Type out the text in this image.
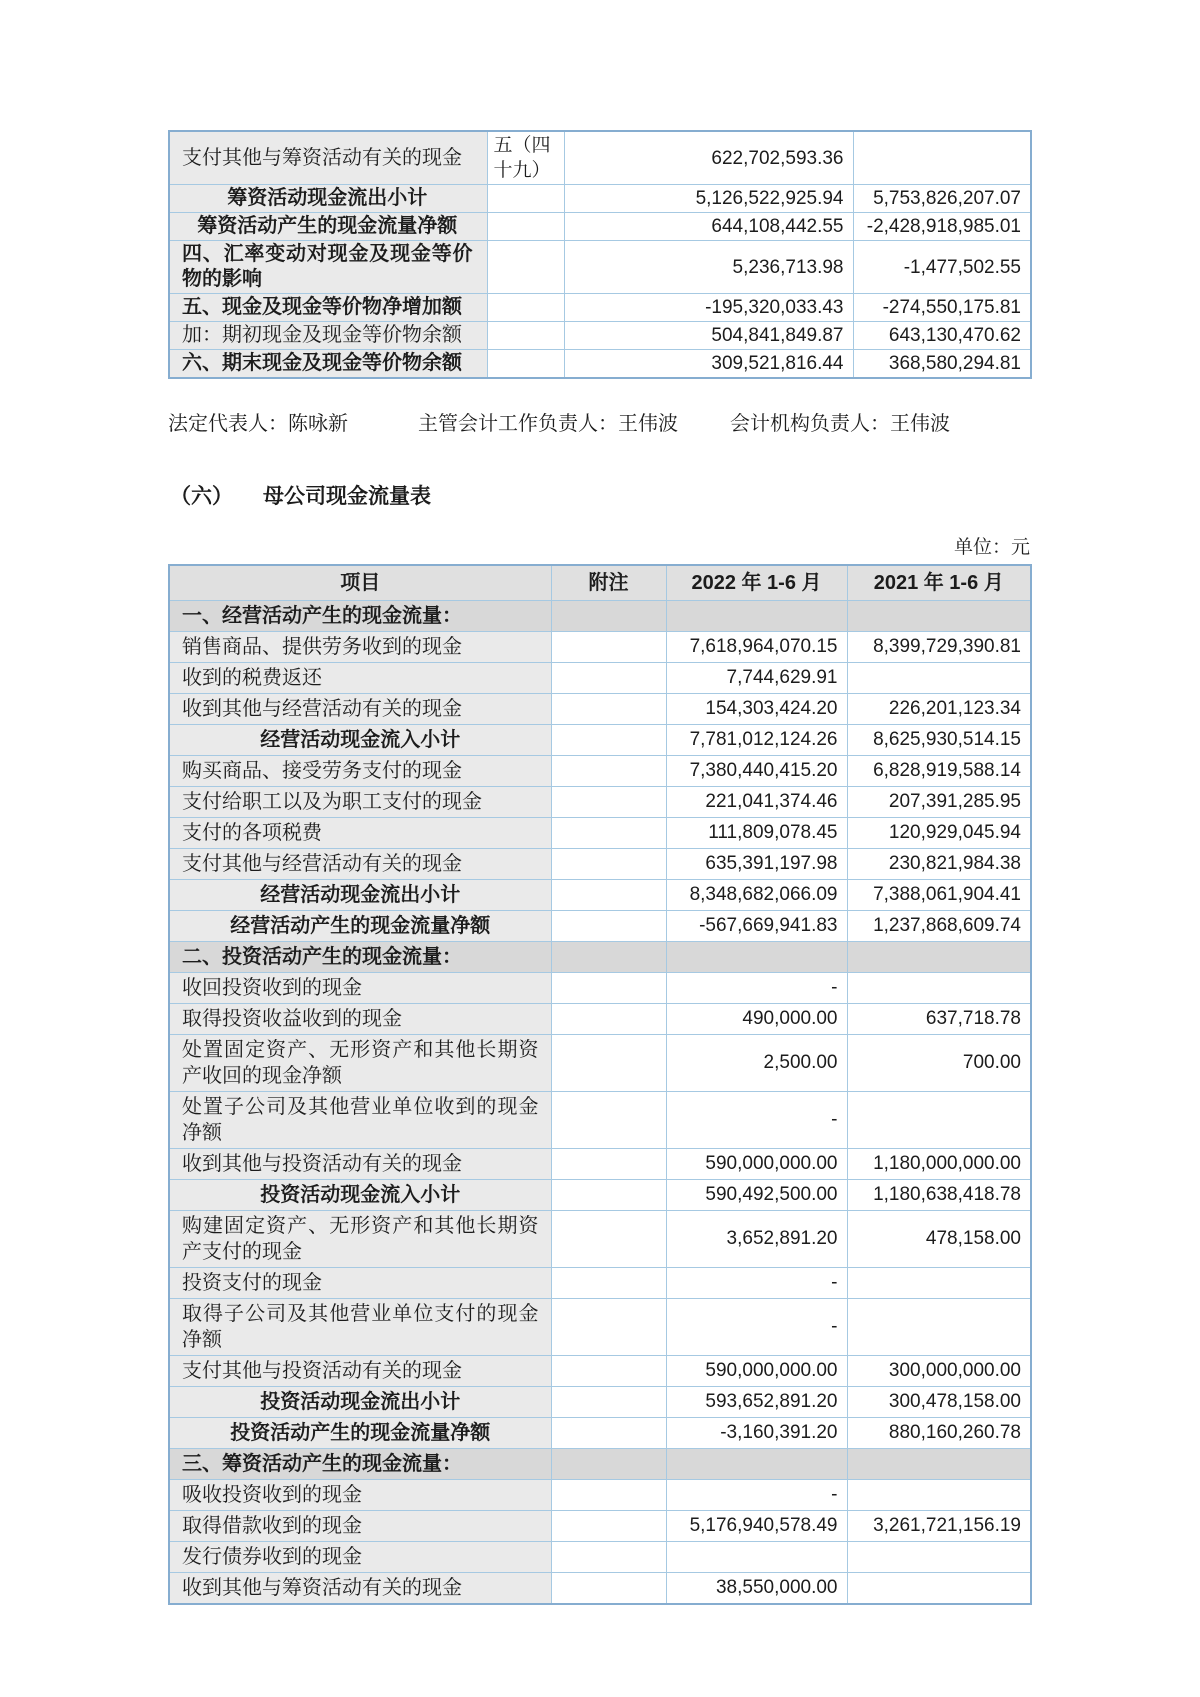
支付其他与筹资活动有关的现金	五（四十九）	622,702,593.36	
筹资活动现金流出小计		5,126,522,925.94	5,753,826,207.07
筹资活动产生的现金流量净额		644,108,442.55	-2,428,918,985.01
四、汇率变动对现金及现金等价物的影响		5,236,713.98	-1,477,502.55
五、现金及现金等价物净增加额		-195,320,033.43	-274,550,175.81
加：期初现金及现金等价物余额		504,841,849.87	643,130,470.62
六、期末现金及现金等价物余额		309,521,816.44	368,580,294.81
法定代表人：陈咏新	主管会计工作负责人：王伟波	会计机构负责人：王伟波
（六） 母公司现金流量表
单位：元
项目	附注	2022 年 1-6 月	2021 年 1-6 月
一、经营活动产生的现金流量：			
销售商品、提供劳务收到的现金		7,618,964,070.15	8,399,729,390.81
收到的税费返还		7,744,629.91	
收到其他与经营活动有关的现金		154,303,424.20	226,201,123.34
经营活动现金流入小计		7,781,012,124.26	8,625,930,514.15
购买商品、接受劳务支付的现金		7,380,440,415.20	6,828,919,588.14
支付给职工以及为职工支付的现金		221,041,374.46	207,391,285.95
支付的各项税费		111,809,078.45	120,929,045.94
支付其他与经营活动有关的现金		635,391,197.98	230,821,984.38
经营活动现金流出小计		8,348,682,066.09	7,388,061,904.41
经营活动产生的现金流量净额		-567,669,941.83	1,237,868,609.74
二、投资活动产生的现金流量：			
收回投资收到的现金		-	
取得投资收益收到的现金		490,000.00	637,718.78
处置固定资产、无形资产和其他长期资产收回的现金净额		2,500.00	700.00
处置子公司及其他营业单位收到的现金净额		-	
收到其他与投资活动有关的现金		590,000,000.00	1,180,000,000.00
投资活动现金流入小计		590,492,500.00	1,180,638,418.78
购建固定资产、无形资产和其他长期资产支付的现金		3,652,891.20	478,158.00
投资支付的现金		-	
取得子公司及其他营业单位支付的现金净额		-	
支付其他与投资活动有关的现金		590,000,000.00	300,000,000.00
投资活动现金流出小计		593,652,891.20	300,478,158.00
投资活动产生的现金流量净额		-3,160,391.20	880,160,260.78
三、筹资活动产生的现金流量：			
吸收投资收到的现金		-	
取得借款收到的现金		5,176,940,578.49	3,261,721,156.19
发行债券收到的现金			
收到其他与筹资活动有关的现金		38,550,000.00	
